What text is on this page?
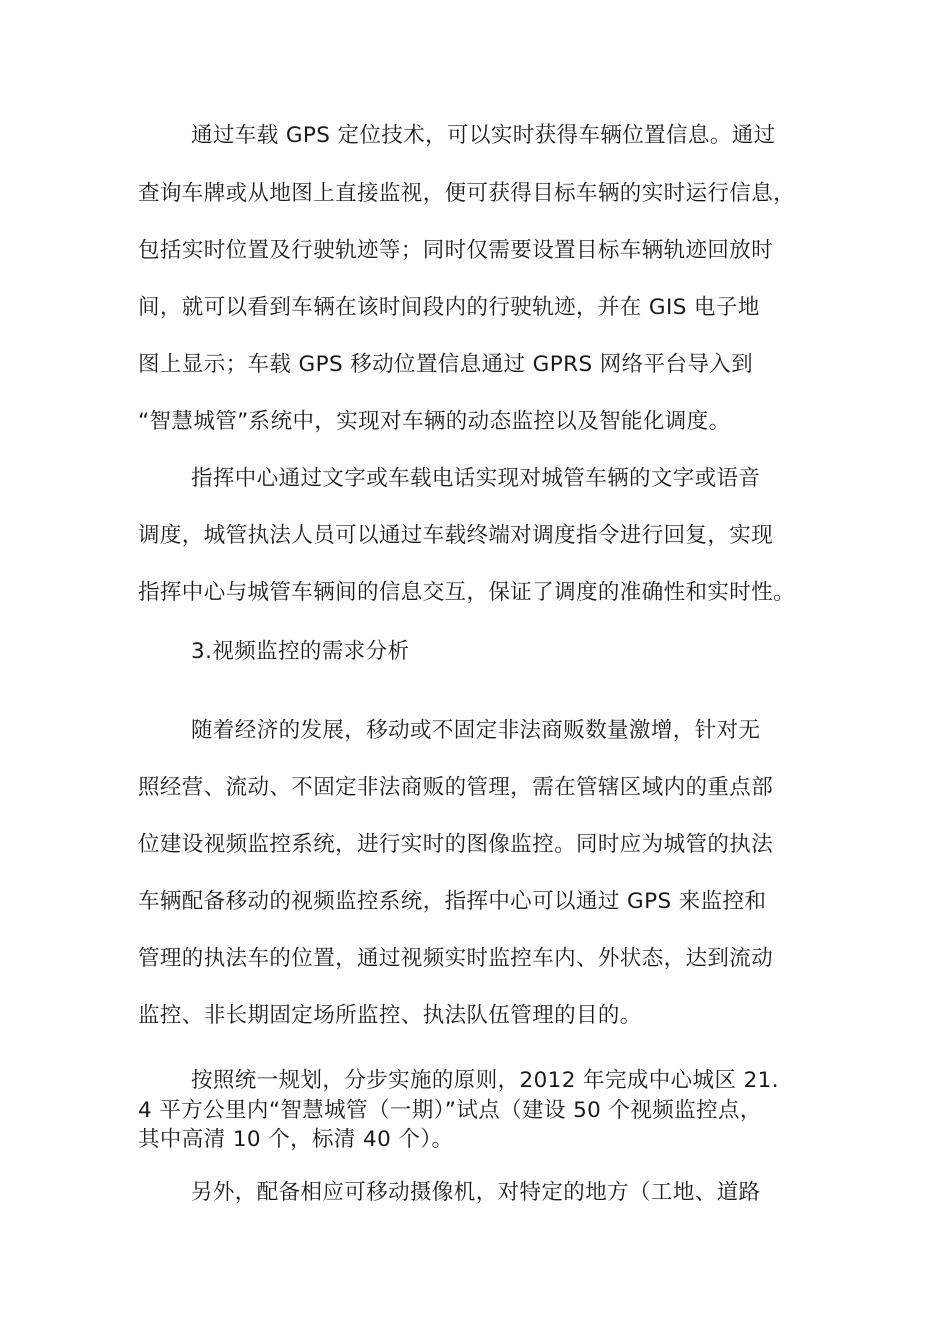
通过车载 GPS 定位技术，可以实时获得车辆位置信息。通过
查询车牌或从地图上直接监视，便可获得目标车辆的实时运行信息，
包括实时位置及行驶轨迹等；同时仅需要设置目标车辆轨迹回放时
间，就可以看到车辆在该时间段内的行驶轨迹，并在 GIS 电子地
图上显示；车载 GPS 移动位置信息通过 GPRS 网络平台导入到
“智慧城管”系统中，实现对车辆的动态监控以及智能化调度。
指挥中心通过文字或车载电话实现对城管车辆的文字或语音
调度，城管执法人员可以通过车载终端对调度指令进行回复，实现
指挥中心与城管车辆间的信息交互，保证了调度的准确性和实时性。
3.视频监控的需求分析
随着经济的发展，移动或不固定非法商贩数量激增，针对无
照经营、流动、不固定非法商贩的管理，需在管辖区域内的重点部
位建设视频监控系统，进行实时的图像监控。同时应为城管的执法
车辆配备移动的视频监控系统，指挥中心可以通过 GPS 来监控和
管理的执法车的位置，通过视频实时监控车内、外状态，达到流动
监控、非长期固定场所监控、执法队伍管理的目的。
按照统一规划，分步实施的原则，2012 年完成中心城区 21.
4 平方公里内“智慧城管（一期）”试点（建设 50 个视频监控点，
其中高清 10 个，标清 40 个）。
另外，配备相应可移动摄像机，对特定的地方（工地、道路
